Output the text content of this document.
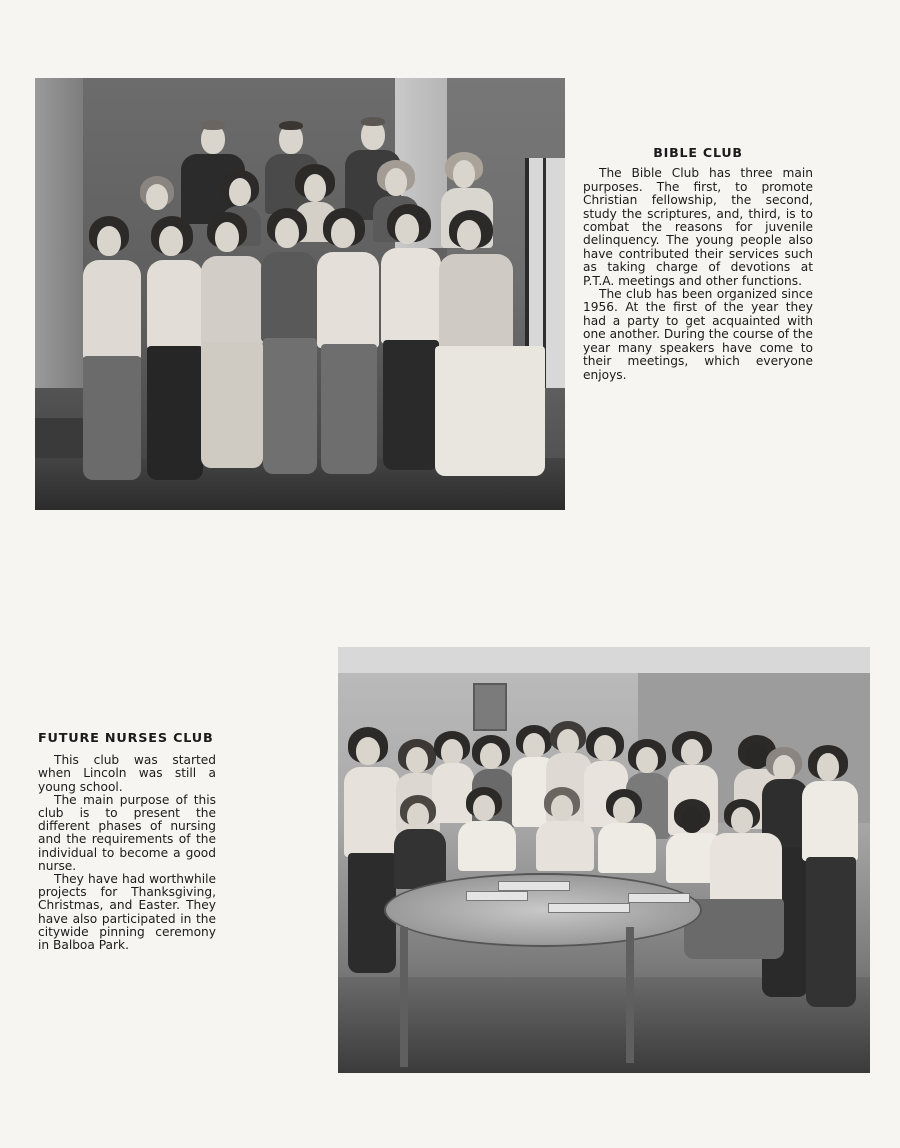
BIBLE CLUB

The Bible Club has three main purposes. The first, to promote Christian fellowship, the second, study the scriptures, and, third, is to combat the reasons for juvenile delinquency. The young people also have contributed their services such as taking charge of devotions at P.T.A. meetings and other functions.

The club has been organized since 1956. At the first of the year they had a party to get acquainted with one another. During the course of the year many speakers have come to their meetings, which everyone enjoys.

FUTURE NURSES CLUB

This club was started when Lincoln was still a young school.

The main purpose of this club is to present the different phases of nursing and the requirements of the individual to become a good nurse.

They have had worthwhile projects for Thanksgiving, Christmas, and Easter. They have also participated in the citywide pinning ceremony in Balboa Park.
